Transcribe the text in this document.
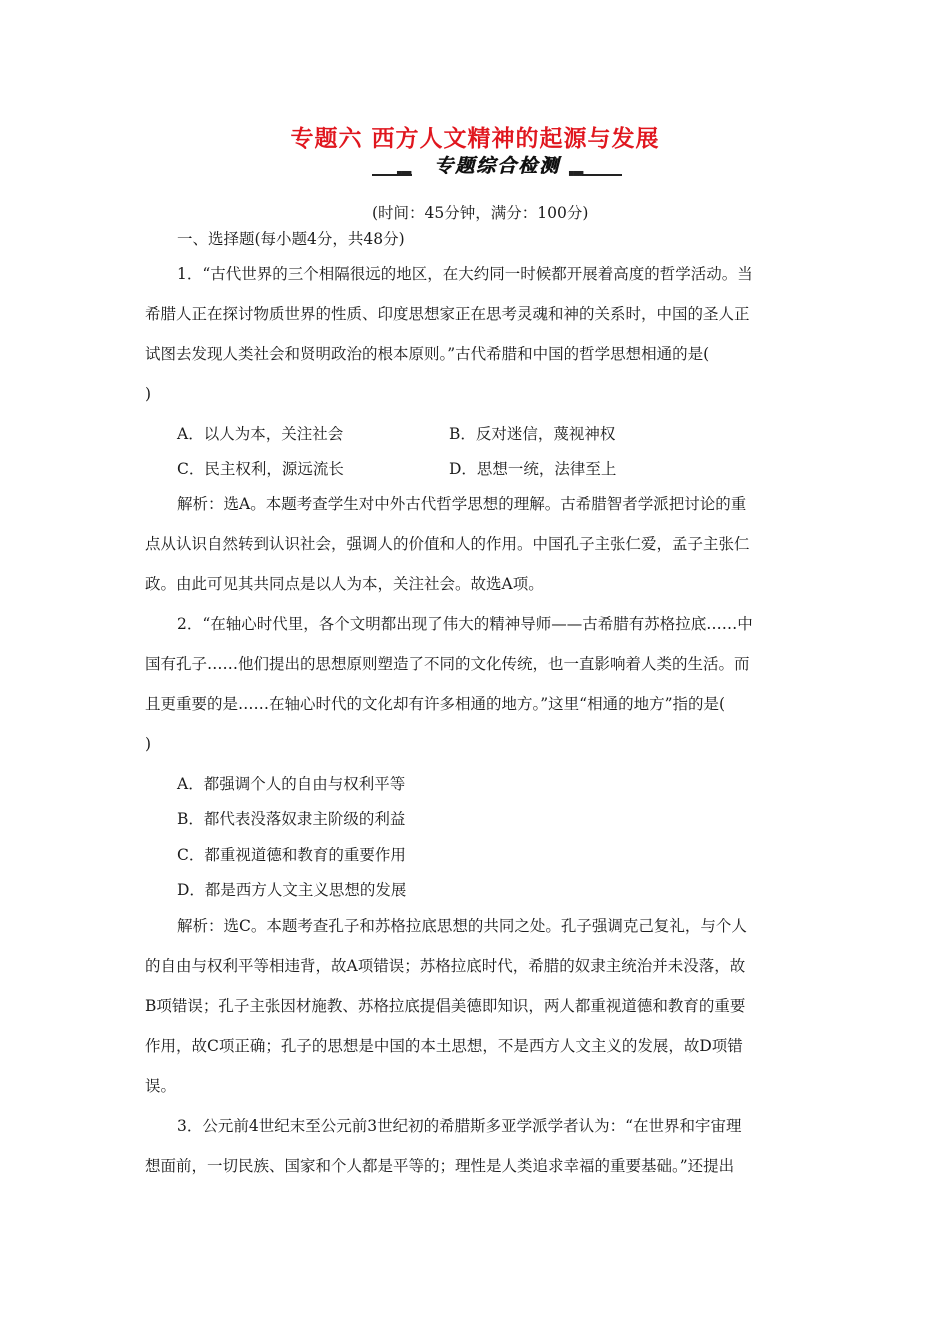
专题六 西方人文精神的起源与发展
▪▪▪	▪▪▪
专题综合检测
(时间：45分钟，满分：100分)
一、选择题(每小题4分，共48分)
1．“古代世界的三个相隔很远的地区，在大约同一时候都开展着高度的哲学活动。当
希腊人正在探讨物质世界的性质、印度思想家正在思考灵魂和神的关系时，中国的圣人正
试图去发现人类社会和贤明政治的根本原则。”古代希腊和中国的哲学思想相通的是(
)
A．以人为本，关注社会	B．反对迷信，蔑视神权
C．民主权利，源远流长	D．思想一统，法律至上
解析：选A。本题考查学生对中外古代哲学思想的理解。古希腊智者学派把讨论的重
点从认识自然转到认识社会，强调人的价值和人的作用。中国孔子主张仁爱，孟子主张仁
政。由此可见其共同点是以人为本，关注社会。故选A项。
2．“在轴心时代里，各个文明都出现了伟大的精神导师——古希腊有苏格拉底……中
国有孔子……他们提出的思想原则塑造了不同的文化传统，也一直影响着人类的生活。而
且更重要的是……在轴心时代的文化却有许多相通的地方。”这里“相通的地方”指的是(
)
A．都强调个人的自由与权利平等
B．都代表没落奴隶主阶级的利益
C．都重视道德和教育的重要作用
D．都是西方人文主义思想的发展
解析：选C。本题考查孔子和苏格拉底思想的共同之处。孔子强调克己复礼，与个人
的自由与权利平等相违背，故A项错误；苏格拉底时代，希腊的奴隶主统治并未没落，故
B项错误；孔子主张因材施教、苏格拉底提倡美德即知识，两人都重视道德和教育的重要
作用，故C项正确；孔子的思想是中国的本土思想，不是西方人文主义的发展，故D项错
误。
3．公元前4世纪末至公元前3世纪初的希腊斯多亚学派学者认为：“在世界和宇宙理
想面前，一切民族、国家和个人都是平等的；理性是人类追求幸福的重要基础。”还提出
